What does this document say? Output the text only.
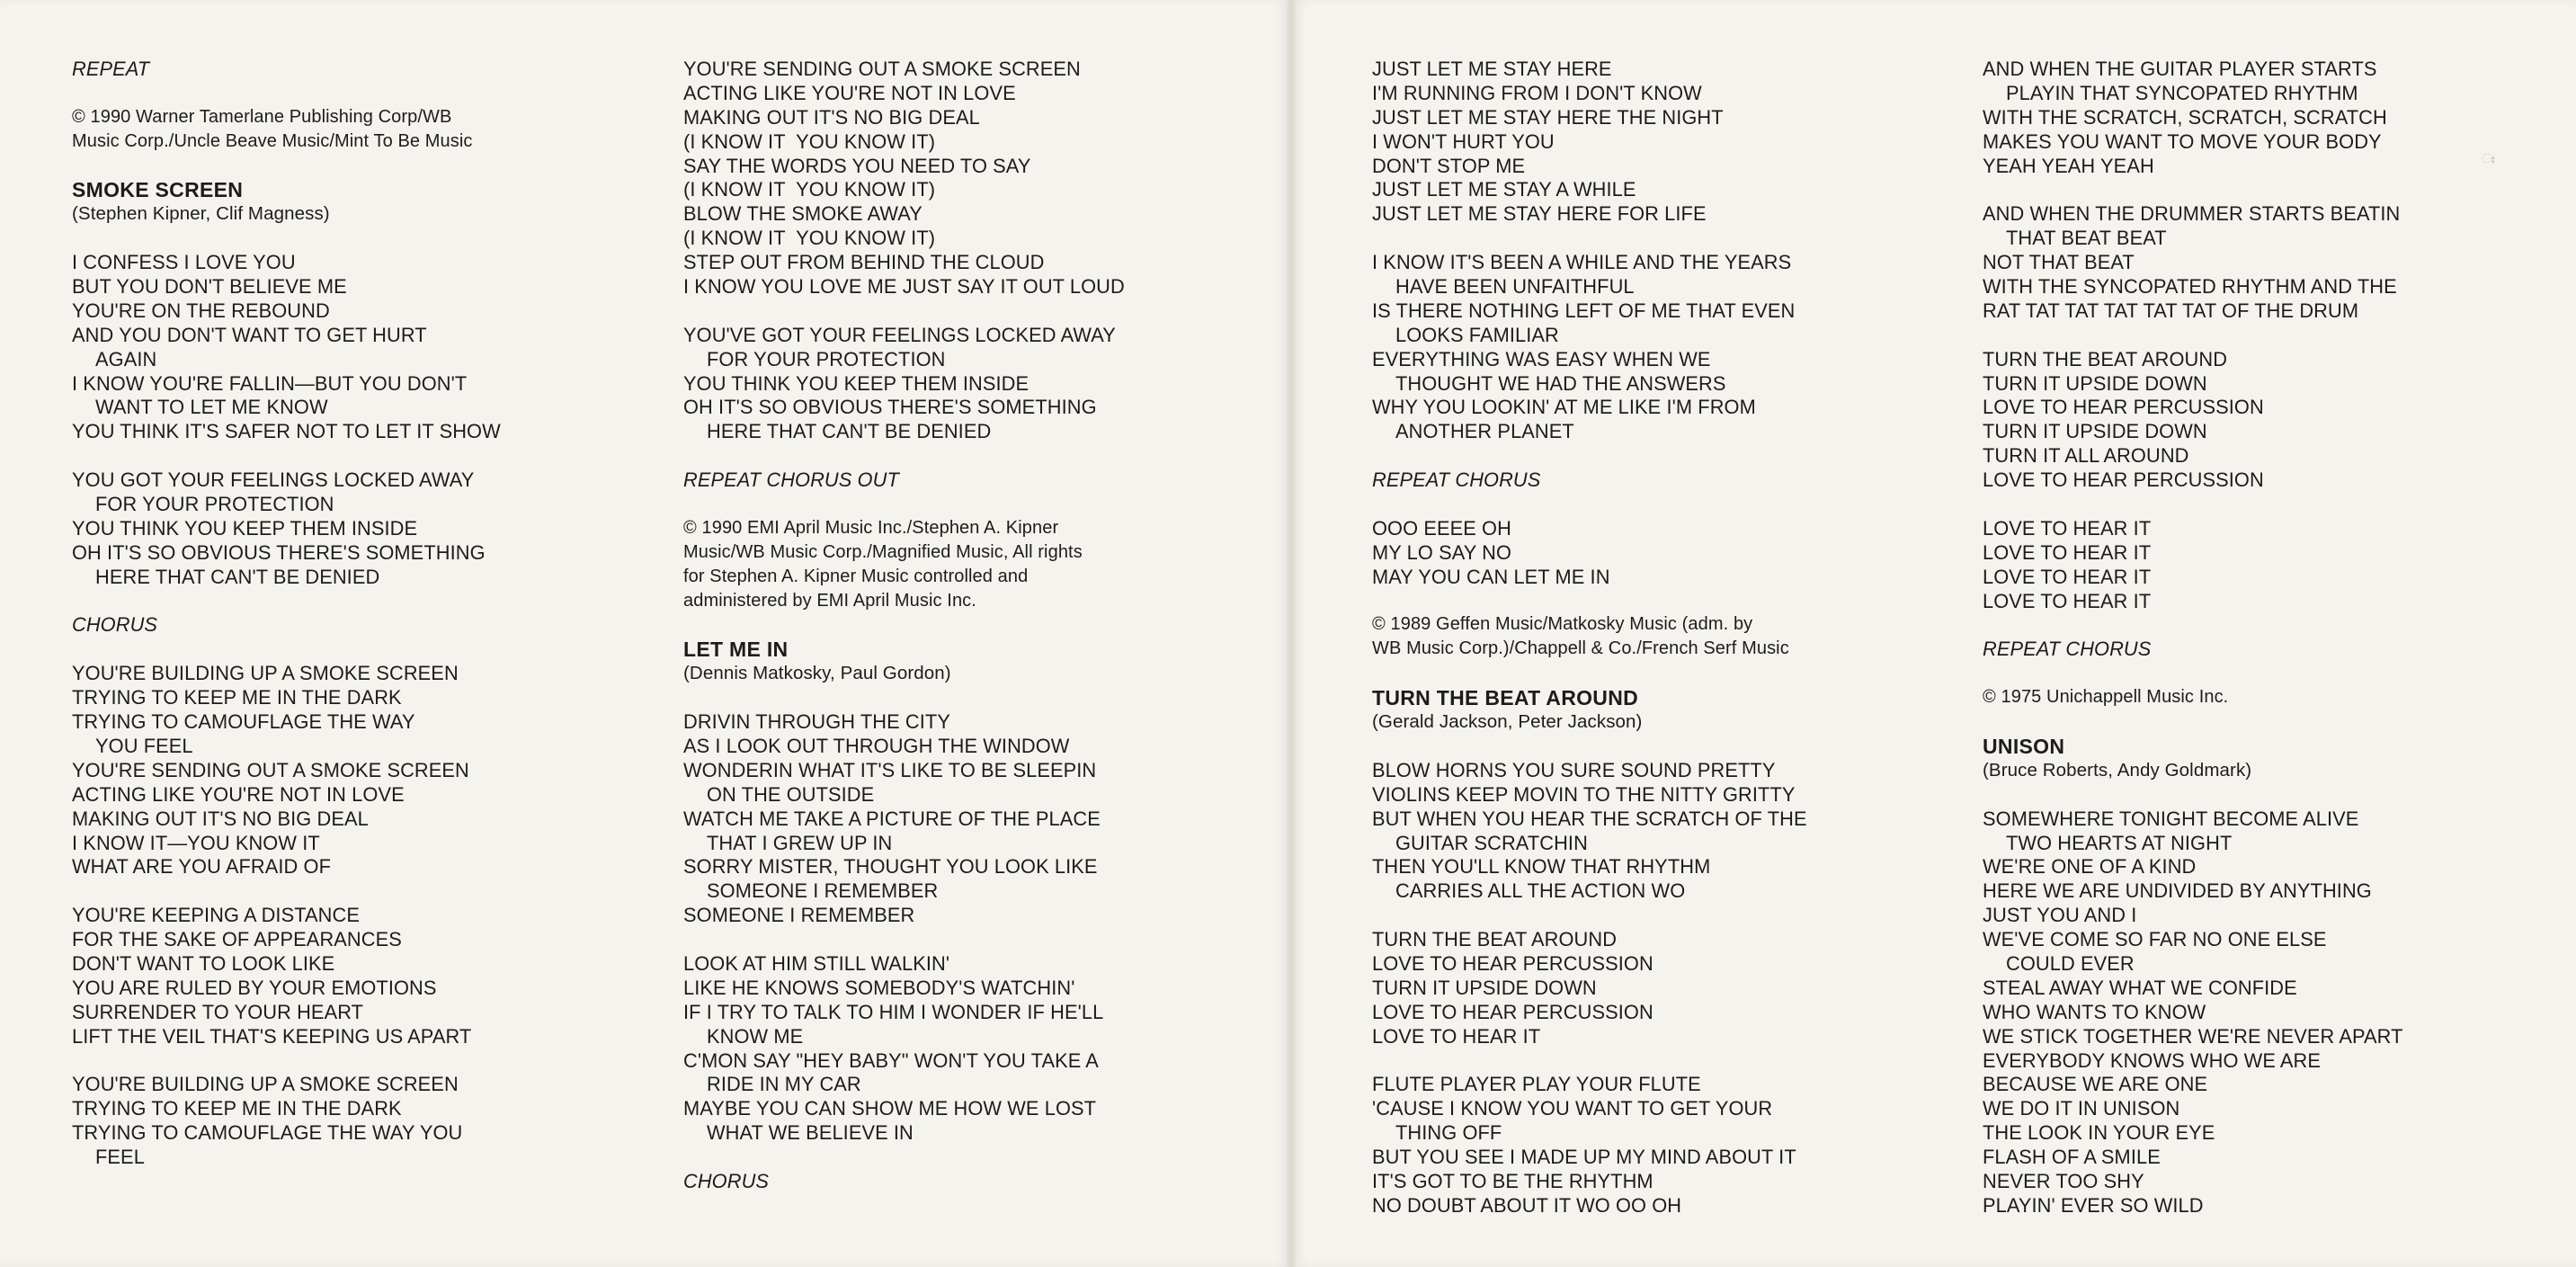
REPEAT
© 1990 Warner Tamerlane Publishing Corp/WB
Music Corp./Uncle Beave Music/Mint To Be Music
SMOKE SCREEN
(Stephen Kipner, Clif Magness)
I CONFESS I LOVE YOU
BUT YOU DON'T BELIEVE ME
YOU'RE ON THE REBOUND
AND YOU DON'T WANT TO GET HURT
AGAIN
I KNOW YOU'RE FALLIN—BUT YOU DON'T
WANT TO LET ME KNOW
YOU THINK IT'S SAFER NOT TO LET IT SHOW
YOU GOT YOUR FEELINGS LOCKED AWAY
FOR YOUR PROTECTION
YOU THINK YOU KEEP THEM INSIDE
OH IT'S SO OBVIOUS THERE'S SOMETHING
HERE THAT CAN'T BE DENIED
CHORUS
YOU'RE BUILDING UP A SMOKE SCREEN
TRYING TO KEEP ME IN THE DARK
TRYING TO CAMOUFLAGE THE WAY
YOU FEEL
YOU'RE SENDING OUT A SMOKE SCREEN
ACTING LIKE YOU'RE NOT IN LOVE
MAKING OUT IT'S NO BIG DEAL
I KNOW IT—YOU KNOW IT
WHAT ARE YOU AFRAID OF
YOU'RE KEEPING A DISTANCE
FOR THE SAKE OF APPEARANCES
DON'T WANT TO LOOK LIKE
YOU ARE RULED BY YOUR EMOTIONS
SURRENDER TO YOUR HEART
LIFT THE VEIL THAT'S KEEPING US APART
YOU'RE BUILDING UP A SMOKE SCREEN
TRYING TO KEEP ME IN THE DARK
TRYING TO CAMOUFLAGE THE WAY YOU
FEEL
YOU'RE SENDING OUT A SMOKE SCREEN
ACTING LIKE YOU'RE NOT IN LOVE
MAKING OUT IT'S NO BIG DEAL
(I KNOW IT  YOU KNOW IT)
SAY THE WORDS YOU NEED TO SAY
(I KNOW IT  YOU KNOW IT)
BLOW THE SMOKE AWAY
(I KNOW IT  YOU KNOW IT)
STEP OUT FROM BEHIND THE CLOUD
I KNOW YOU LOVE ME JUST SAY IT OUT LOUD
YOU'VE GOT YOUR FEELINGS LOCKED AWAY
FOR YOUR PROTECTION
YOU THINK YOU KEEP THEM INSIDE
OH IT'S SO OBVIOUS THERE'S SOMETHING
HERE THAT CAN'T BE DENIED
REPEAT CHORUS OUT
© 1990 EMI April Music Inc./Stephen A. Kipner
Music/WB Music Corp./Magnified Music, All rights
for Stephen A. Kipner Music controlled and
administered by EMI April Music Inc.
LET ME IN
(Dennis Matkosky, Paul Gordon)
DRIVIN THROUGH THE CITY
AS I LOOK OUT THROUGH THE WINDOW
WONDERIN WHAT IT'S LIKE TO BE SLEEPIN
ON THE OUTSIDE
WATCH ME TAKE A PICTURE OF THE PLACE
THAT I GREW UP IN
SORRY MISTER, THOUGHT YOU LOOK LIKE
SOMEONE I REMEMBER
SOMEONE I REMEMBER
LOOK AT HIM STILL WALKIN'
LIKE HE KNOWS SOMEBODY'S WATCHIN'
IF I TRY TO TALK TO HIM I WONDER IF HE'LL
KNOW ME
C'MON SAY "HEY BABY" WON'T YOU TAKE A
RIDE IN MY CAR
MAYBE YOU CAN SHOW ME HOW WE LOST
WHAT WE BELIEVE IN
CHORUS
JUST LET ME STAY HERE
I'M RUNNING FROM I DON'T KNOW
JUST LET ME STAY HERE THE NIGHT
I WON'T HURT YOU
DON'T STOP ME
JUST LET ME STAY A WHILE
JUST LET ME STAY HERE FOR LIFE
I KNOW IT'S BEEN A WHILE AND THE YEARS
HAVE BEEN UNFAITHFUL
IS THERE NOTHING LEFT OF ME THAT EVEN
LOOKS FAMILIAR
EVERYTHING WAS EASY WHEN WE
THOUGHT WE HAD THE ANSWERS
WHY YOU LOOKIN' AT ME LIKE I'M FROM
ANOTHER PLANET
REPEAT CHORUS
OOO EEEE OH
MY LO SAY NO
MAY YOU CAN LET ME IN
© 1989 Geffen Music/Matkosky Music (adm. by
WB Music Corp.)/Chappell & Co./French Serf Music
TURN THE BEAT AROUND
(Gerald Jackson, Peter Jackson)
BLOW HORNS YOU SURE SOUND PRETTY
VIOLINS KEEP MOVIN TO THE NITTY GRITTY
BUT WHEN YOU HEAR THE SCRATCH OF THE
GUITAR SCRATCHIN
THEN YOU'LL KNOW THAT RHYTHM
CARRIES ALL THE ACTION WO
TURN THE BEAT AROUND
LOVE TO HEAR PERCUSSION
TURN IT UPSIDE DOWN
LOVE TO HEAR PERCUSSION
LOVE TO HEAR IT
FLUTE PLAYER PLAY YOUR FLUTE
'CAUSE I KNOW YOU WANT TO GET YOUR
THING OFF
BUT YOU SEE I MADE UP MY MIND ABOUT IT
IT'S GOT TO BE THE RHYTHM
NO DOUBT ABOUT IT WO OO OH
AND WHEN THE GUITAR PLAYER STARTS
PLAYIN THAT SYNCOPATED RHYTHM
WITH THE SCRATCH, SCRATCH, SCRATCH
MAKES YOU WANT TO MOVE YOUR BODY
YEAH YEAH YEAH
AND WHEN THE DRUMMER STARTS BEATIN
THAT BEAT BEAT
NOT THAT BEAT
WITH THE SYNCOPATED RHYTHM AND THE
RAT TAT TAT TAT TAT TAT OF THE DRUM
TURN THE BEAT AROUND
TURN IT UPSIDE DOWN
LOVE TO HEAR PERCUSSION
TURN IT UPSIDE DOWN
TURN IT ALL AROUND
LOVE TO HEAR PERCUSSION
LOVE TO HEAR IT
LOVE TO HEAR IT
LOVE TO HEAR IT
LOVE TO HEAR IT
REPEAT CHORUS
© 1975 Unichappell Music Inc.
UNISON
(Bruce Roberts, Andy Goldmark)
SOMEWHERE TONIGHT BECOME ALIVE
TWO HEARTS AT NIGHT
WE'RE ONE OF A KIND
HERE WE ARE UNDIVIDED BY ANYTHING
JUST YOU AND I
WE'VE COME SO FAR NO ONE ELSE
COULD EVER
STEAL AWAY WHAT WE CONFIDE
WHO WANTS TO KNOW
WE STICK TOGETHER WE'RE NEVER APART
EVERYBODY KNOWS WHO WE ARE
BECAUSE WE ARE ONE
WE DO IT IN UNISON
THE LOOK IN YOUR EYE
FLASH OF A SMILE
NEVER TOO SHY
PLAYIN' EVER SO WILD
ಃ
